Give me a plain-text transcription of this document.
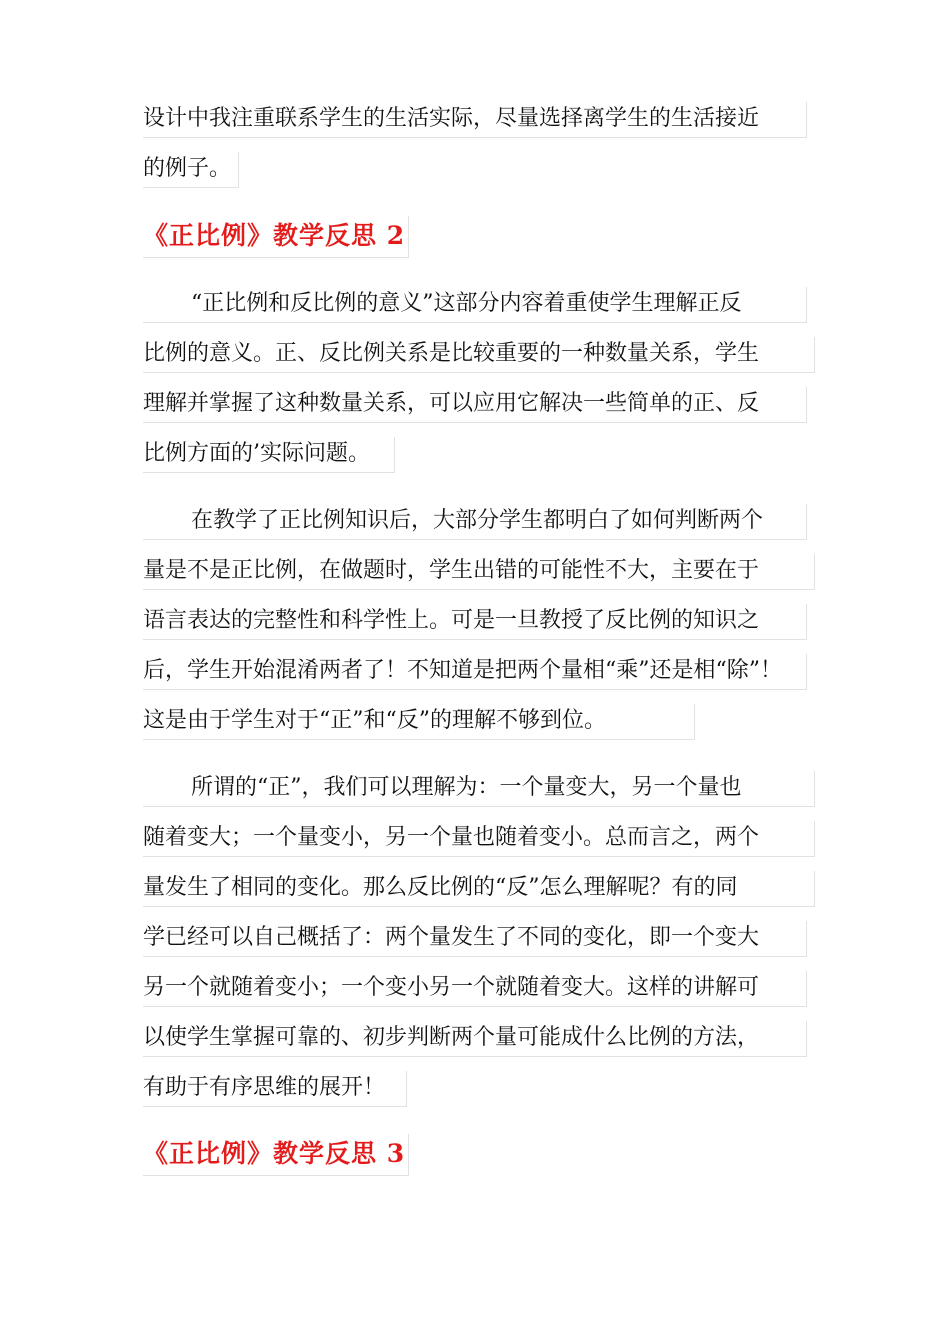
设计中我注重联系学生的生活实际，尽量选择离学生的生活接近
的例子。
《正比例》教学反思 2
“正比例和反比例的意义”这部分内容着重使学生理解正反
比例的意义。正、反比例关系是比较重要的一种数量关系，学生
理解并掌握了这种数量关系，可以应用它解决一些简单的正、反
比例方面的’实际问题。
在教学了正比例知识后，大部分学生都明白了如何判断两个
量是不是正比例，在做题时，学生出错的可能性不大，主要在于
语言表达的完整性和科学性上。可是一旦教授了反比例的知识之
后，学生开始混淆两者了！不知道是把两个量相“乘”还是相“除”！
这是由于学生对于“正”和“反”的理解不够到位。
所谓的“正”，我们可以理解为：一个量变大，另一个量也
随着变大；一个量变小，另一个量也随着变小。总而言之，两个
量发生了相同的变化。那么反比例的“反”怎么理解呢？有的同
学已经可以自己概括了：两个量发生了不同的变化，即一个变大
另一个就随着变小；一个变小另一个就随着变大。这样的讲解可
以使学生掌握可靠的、初步判断两个量可能成什么比例的方法，
有助于有序思维的展开！
《正比例》教学反思 3
